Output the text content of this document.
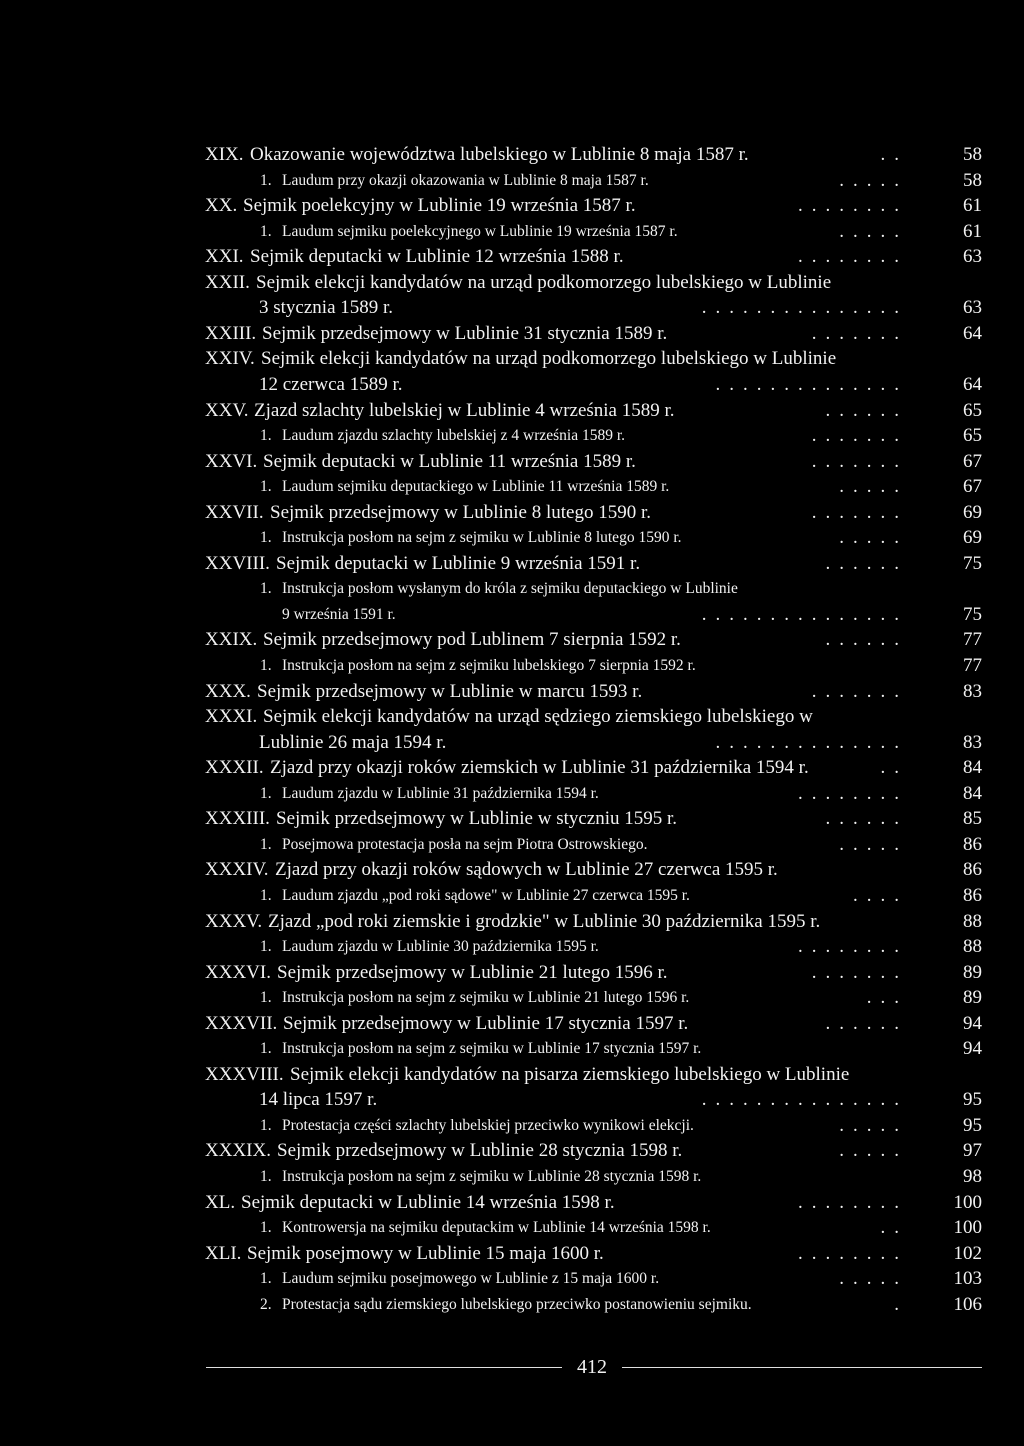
XIX. Okazowanie województwa lubelskiego w Lublinie 8 maja 1587 r.	..	58
1. Laudum przy okazji okazowania w Lublinie 8 maja 1587 r.	.....	58
XX. Sejmik poelekcyjny w Lublinie 19 września 1587 r.	........	61
1. Laudum sejmiku poelekcyjnego w Lublinie 19 września 1587 r.	.....	61
XXI. Sejmik deputacki w Lublinie 12 września 1588 r.	........	63
XXII. Sejmik elekcji kandydatów na urząd podkomorzego lubelskiego w Lublinie
3 stycznia 1589 r.	...............	63
XXIII. Sejmik przedsejmowy w Lublinie 31 stycznia 1589 r.	.......	64
XXIV. Sejmik elekcji kandydatów na urząd podkomorzego lubelskiego w Lublinie
12 czerwca 1589 r.	..............	64
XXV. Zjazd szlachty lubelskiej w Lublinie 4 września 1589 r.	......	65
1. Laudum zjazdu szlachty lubelskiej z 4 września 1589 r.	.......	65
XXVI. Sejmik deputacki w Lublinie 11 września 1589 r.	.......	67
1. Laudum sejmiku deputackiego w Lublinie 11 września 1589 r.	.....	67
XXVII. Sejmik przedsejmowy w Lublinie 8 lutego 1590 r.	.......	69
1. Instrukcja posłom na sejm z sejmiku w Lublinie 8 lutego 1590 r.	.....	69
XXVIII. Sejmik deputacki w Lublinie 9 września 1591 r.	......	75
1. Instrukcja posłom wysłanym do króla z sejmiku deputackiego w Lublinie
9 września 1591 r.	...............	75
XXIX. Sejmik przedsejmowy pod Lublinem 7 sierpnia 1592 r.	......	77
1. Instrukcja posłom na sejm z sejmiku lubelskiego 7 sierpnia 1592 r.	77
XXX. Sejmik przedsejmowy w Lublinie w marcu 1593 r.	.......	83
XXXI. Sejmik elekcji kandydatów na urząd sędziego ziemskiego lubelskiego w
Lublinie 26 maja 1594 r.	..............	83
XXXII. Zjazd przy okazji roków ziemskich w Lublinie 31 października 1594 r.	..	84
1. Laudum zjazdu w Lublinie 31 października 1594 r.	........	84
XXXIII. Sejmik przedsejmowy w Lublinie w styczniu 1595 r.	......	85
1. Posejmowa protestacja posła na sejm Piotra Ostrowskiego.	.....	86
XXXIV. Zjazd przy okazji roków sądowych w Lublinie 27 czerwca 1595 r.	86
1. Laudum zjazdu „pod roki sądowe" w Lublinie 27 czerwca 1595 r.	....	86
XXXV. Zjazd „pod roki ziemskie i grodzkie" w Lublinie 30 października 1595 r.	88
1. Laudum zjazdu w Lublinie 30 października 1595 r.	........	88
XXXVI. Sejmik przedsejmowy w Lublinie 21 lutego 1596 r.	.......	89
1. Instrukcja posłom na sejm z sejmiku w Lublinie 21 lutego 1596 r.	...	89
XXXVII. Sejmik przedsejmowy w Lublinie 17 stycznia 1597 r.	......	94
1. Instrukcja posłom na sejm z sejmiku w Lublinie 17 stycznia 1597 r.	94
XXXVIII. Sejmik elekcji kandydatów na pisarza ziemskiego lubelskiego w Lublinie
14 lipca 1597 r.	...............	95
1. Protestacja części szlachty lubelskiej przeciwko wynikowi elekcji.	.....	95
XXXIX. Sejmik przedsejmowy w Lublinie 28 stycznia 1598 r.	.....	97
1. Instrukcja posłom na sejm z sejmiku w Lublinie 28 stycznia 1598 r.	98
XL. Sejmik deputacki w Lublinie 14 września 1598 r.	........	100
1. Kontrowersja na sejmiku deputackim w Lublinie 14 września 1598 r.	..	100
XLI. Sejmik posejmowy w Lublinie 15 maja 1600 r.	........	102
1. Laudum sejmiku posejmowego w Lublinie z 15 maja 1600 r.	.....	103
2. Protestacja sądu ziemskiego lubelskiego przeciwko postanowieniu sejmiku.	.	106
412
